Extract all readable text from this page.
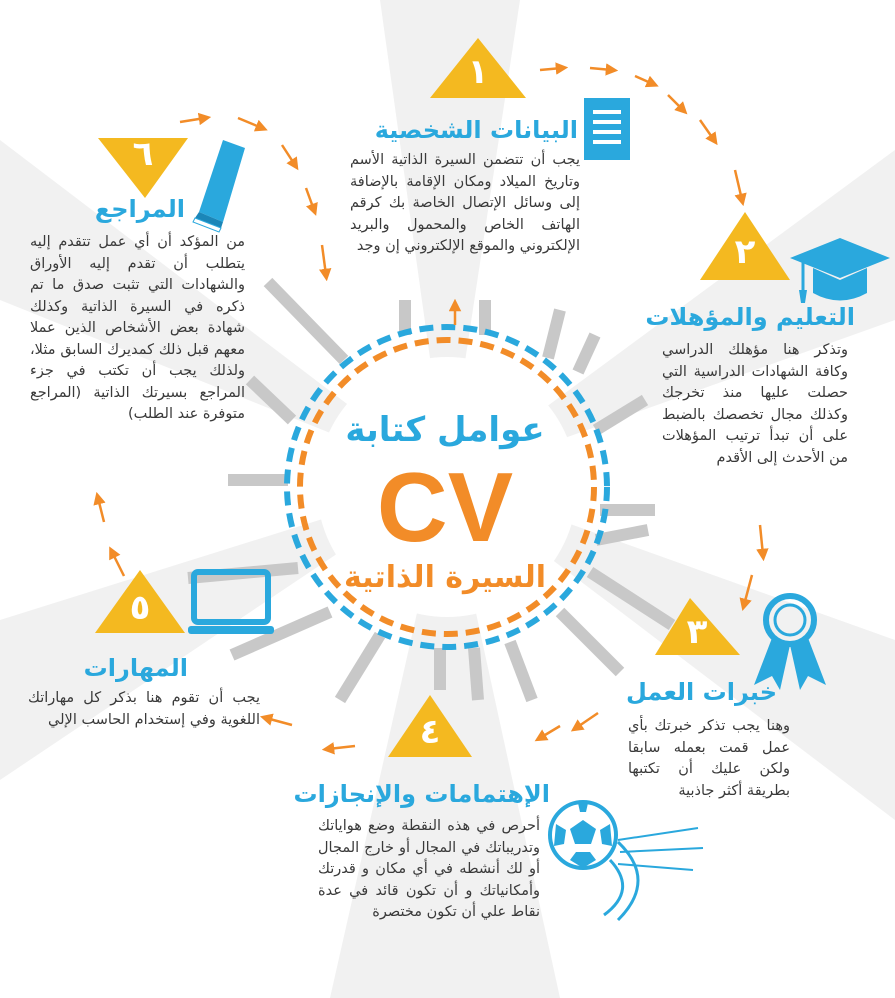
١
٢
٣
٤
٥
٦
عوامل كتابة
CV
السيرة الذاتية
البيانات الشخصية
يجب أن تتضمن السيرة الذاتية الأسم وتاريخ الميلاد ومكان الإقامة بالإضافة إلى وسائل الإتصال الخاصة بك كرقم الهاتف الخاص والمحمول والبريد الإلكتروني والموقع الإلكتروني إن وجد
التعليم والمؤهلات
وتذكر هنا مؤهلك الدراسي وكافة الشهادات الدراسية التي حصلت عليها منذ تخرجك وكذلك مجال تخصصك بالضبط على أن تبدأ ترتيب المؤهلات من الأحدث إلى الأقدم
خبرات العمل
وهنا يجب تذكر خبرتك بأي عمل قمت بعمله سابقا ولكن عليك أن تكتبها بطريقة أكثر جاذبية
الإهتمامات والإنجازات
أحرص في هذه النقطة وضع هواياتك وتدريباتك في المجال أو خارج المجال أو لك أنشطه في أي مكان و قدرتك وأمكانياتك و أن تكون قائد في عدة نقاط علي أن تكون مختصرة
المهارات
يجب أن تقوم هنا بذكر كل مهاراتك اللغوية وفي إستخدام الحاسب الإلي
المراجع
من المؤكد أن أي عمل تتقدم إليه يتطلب أن تقدم إليه الأوراق والشهادات التي تثبت صدق ما تم ذكره في السيرة الذاتية وكذلك شهادة بعض الأشخاص الذين عملا معهم قبل ذلك كمديرك السابق مثلا، ولذلك يجب أن تكتب في جزء المراجع بسيرتك الذاتية (المراجع متوفرة عند الطلب)
